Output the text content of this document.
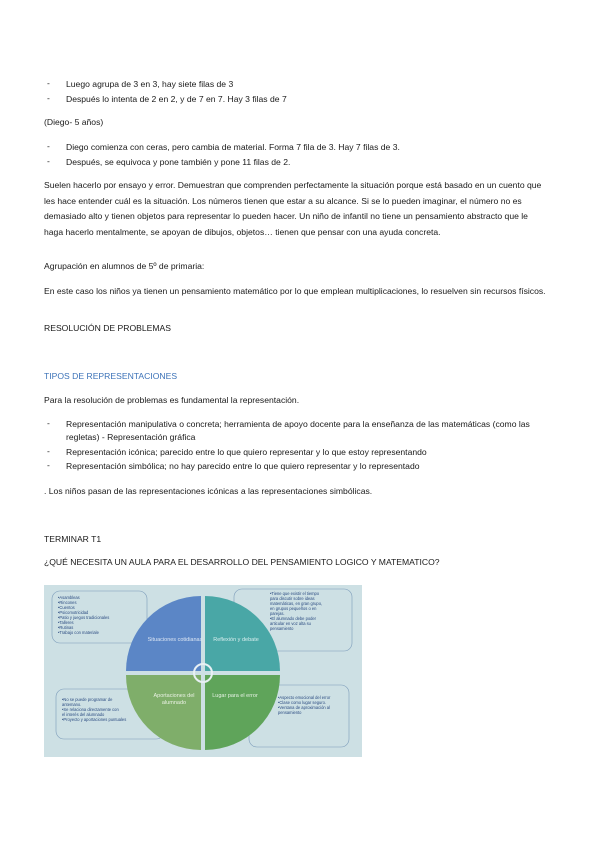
- Luego agrupa de 3 en 3, hay siete filas de 3
- Después lo intenta de 2 en 2, y de 7 en 7. Hay 3 filas de 7
(Diego- 5 años)
- Diego comienza con ceras, pero cambia de material. Forma 7 fila de 3. Hay 7 filas de 3.
- Después, se equivoca y pone también y pone 11 filas de 2.
Suelen hacerlo por ensayo y error. Demuestran que comprenden perfectamente la situación porque está basado en un cuento que les hace entender cuál es la situación. Los números tienen que estar a su alcance. Si se lo pueden imaginar, el número no es demasiado alto y tienen objetos para representar lo pueden hacer. Un niño de infantil no tiene un pensamiento abstracto que le haga hacerlo mentalmente, se apoyan de dibujos, objetos… tienen que pensar con una ayuda concreta.
Agrupación en alumnos de 5º de primaria:
En este caso los niños ya tienen un pensamiento matemático por lo que emplean multiplicaciones, lo resuelven sin recursos físicos.
RESOLUCIÓN DE PROBLEMAS
TIPOS DE REPRESENTACIONES
Para la resolución de problemas es fundamental la representación.
- Representación manipulativa o concreta; herramienta de apoyo docente para la enseñanza de las matemáticas (como las regletas) - Representación gráfica
- Representación icónica; parecido entre lo que quiero representar y lo que estoy representando
- Representación simbólica; no hay parecido entre lo que quiero representar y lo representado
. Los niños pasan de las representaciones icónicas a las representaciones simbólicas.
TERMINAR T1
¿QUÉ NECESITA UN AULA PARA EL DESARROLLO DEL PENSAMIENTO LOGICO Y MATEMATICO?
Situaciones cotidianas	Reflexión y debate
Aportaciones del alumnado
Lugar para el error
•Asambleas
•Rincones
•Cuentos
•Psicomotricidad
•Patio y juegos tradicionales
•Talleres
•Rutinas
•Trabajo con materiale
•Tiene que existir el tiempo
para discutir sobre ideas
matemáticas, en gran grupo,
en grupos pequeños o en
parejas.
•El alumnado debe poder
articular en voz alta su
pensamiento
•No se puede programar de
antemano.
•Se relaciona directamente con
el interés del alumnado
•Proyecto y aportaciones puntuales
•Aspecto emocional del error
•Clase como lugar seguro.
•Ventana de aproximación al
pensamiento
